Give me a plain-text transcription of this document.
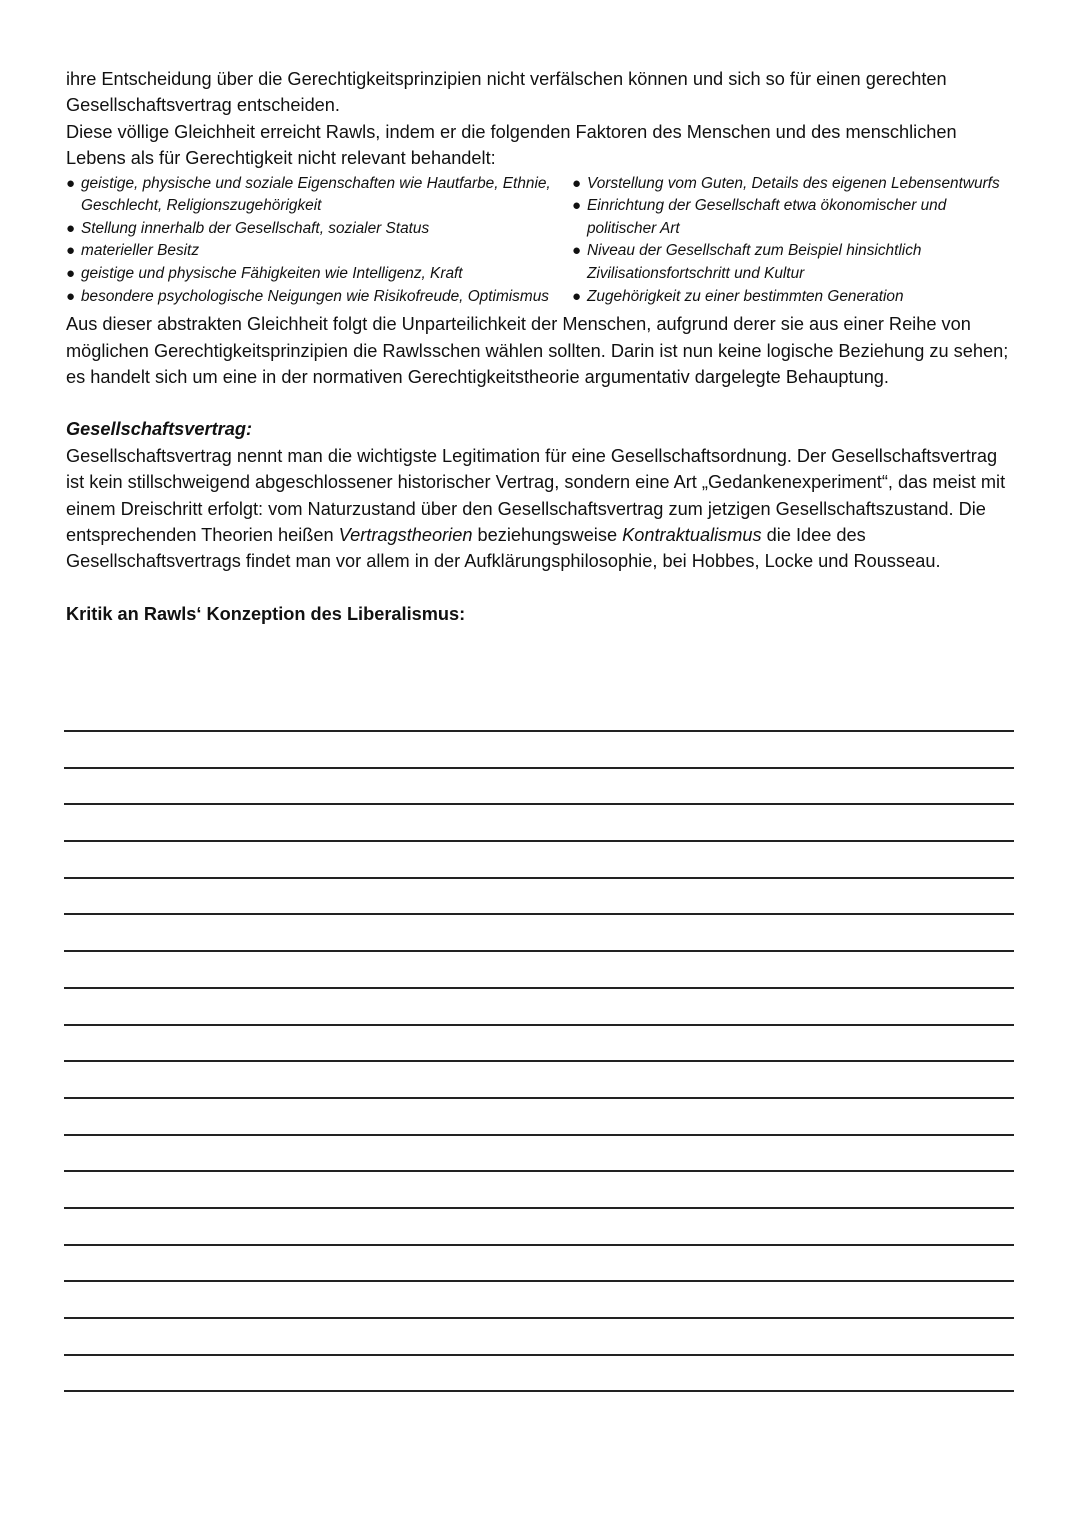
ihre Entscheidung über die Gerechtigkeitsprinzipien nicht verfälschen können und sich so für einen gerechten Gesellschaftsvertrag entscheiden.

Diese völlige Gleichheit erreicht Rawls, indem er die folgenden Faktoren des Menschen und des menschlichen Lebens als für Gerechtigkeit nicht relevant behandelt:

● geistige, physische und soziale Eigenschaften wie Hautfarbe, Ethnie, Geschlecht, Religionszugehörigkeit
● Stellung innerhalb der Gesellschaft, sozialer Status
● materieller Besitz
● geistige und physische Fähigkeiten wie Intelligenz, Kraft
● besondere psychologische Neigungen wie Risikofreude, Optimismus
● Vorstellung vom Guten, Details des eigenen Lebensentwurfs
● Einrichtung der Gesellschaft etwa ökonomischer und politischer Art
● Niveau der Gesellschaft zum Beispiel hinsichtlich Zivilisationsfortschritt und Kultur
● Zugehörigkeit zu einer bestimmten Generation

Aus dieser abstrakten Gleichheit folgt die Unparteilichkeit der Menschen, aufgrund derer sie aus einer Reihe von möglichen Gerechtigkeitsprinzipien die Rawlsschen wählen sollten. Darin ist nun keine logische Beziehung zu sehen; es handelt sich um eine in der normativen Gerechtigkeitstheorie argumentativ dargelegte Behauptung.

Gesellschaftsvertrag:

Gesellschaftsvertrag nennt man die wichtigste Legitimation für eine Gesellschaftsordnung. Der Gesellschaftsvertrag ist kein stillschweigend abgeschlossener historischer Vertrag, sondern eine Art „Gedankenexperiment“, das meist mit einem Dreischritt erfolgt: vom Naturzustand über den Gesellschaftsvertrag zum jetzigen Gesellschaftszustand. Die entsprechenden Theorien heißen Vertragstheorien beziehungsweise Kontraktualismus die Idee des Gesellschaftsvertrags findet man vor allem in der Aufklärungsphilosophie, bei Hobbes, Locke und Rousseau.

Kritik an Rawls‘ Konzeption des Liberalismus:
